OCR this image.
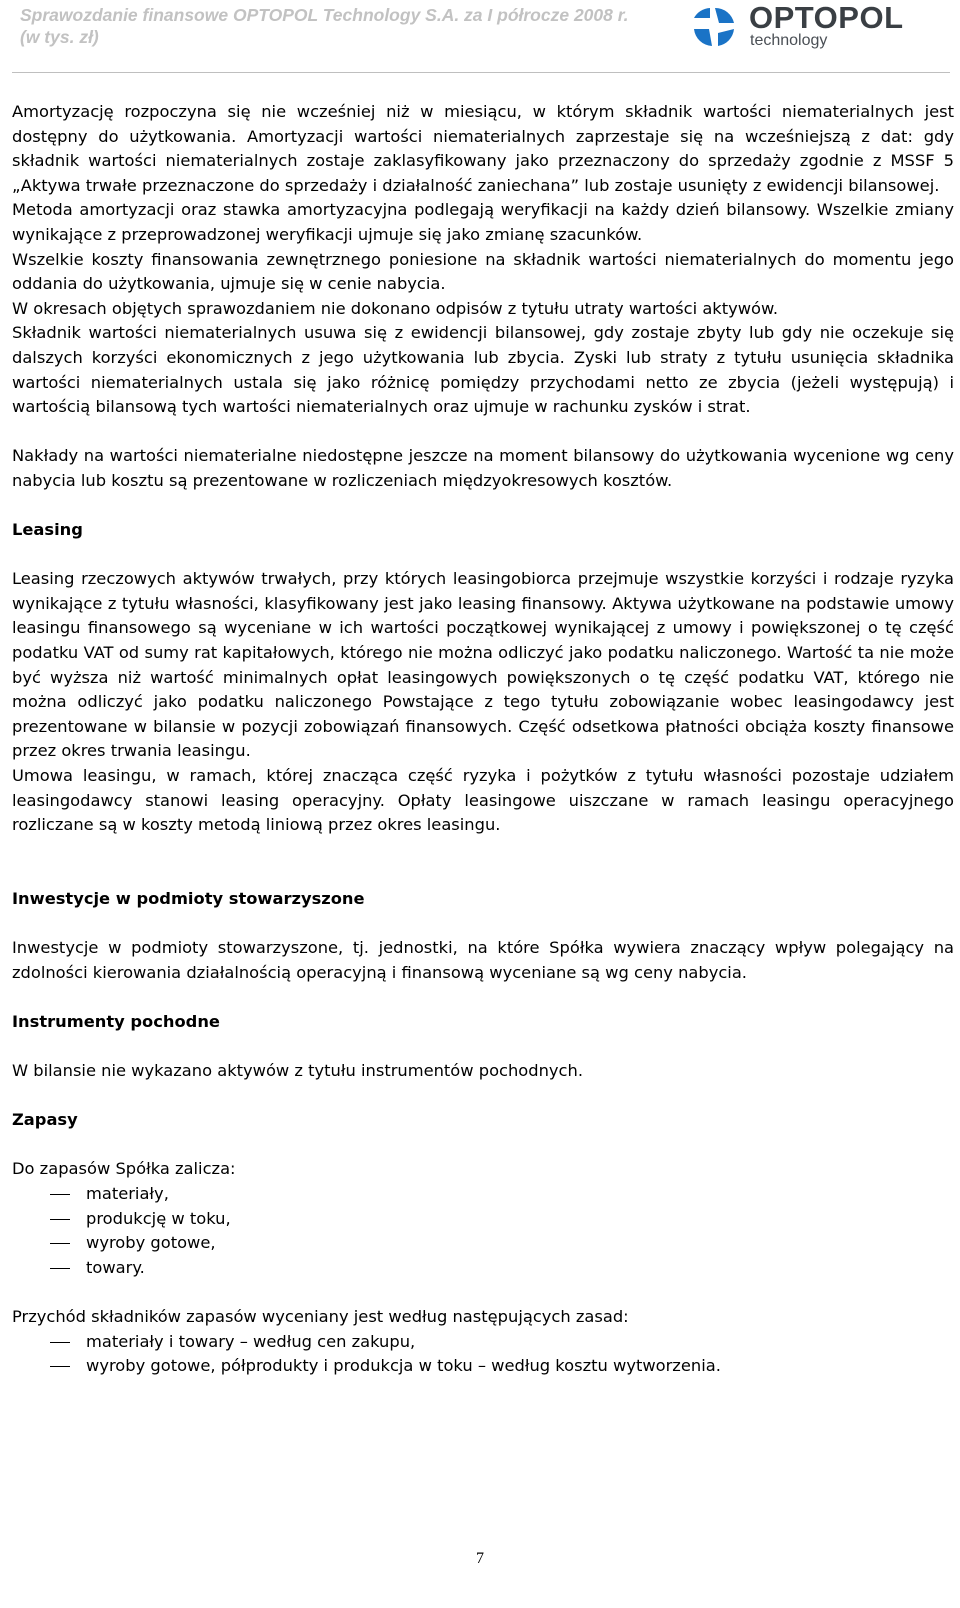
Sprawozdanie finansowe OPTOPOL Technology S.A. za I półrocze 2008 r.
(w tys. zł)
OPTOPOL
technology

Amortyzację rozpoczyna się nie wcześniej niż w miesiącu, w którym składnik wartości niematerialnych jest dostępny do użytkowania. Amortyzacji wartości niematerialnych zaprzestaje się na wcześniejszą z dat: gdy składnik wartości niematerialnych zostaje zaklasyfikowany jako przeznaczony do sprzedaży zgodnie z MSSF 5 „Aktywa trwałe przeznaczone do sprzedaży i działalność zaniechana” lub zostaje usunięty z ewidencji bilansowej.

Metoda amortyzacji oraz stawka amortyzacyjna podlegają weryfikacji na każdy dzień bilansowy. Wszelkie zmiany wynikające z przeprowadzonej weryfikacji ujmuje się jako zmianę szacunków.

Wszelkie koszty finansowania zewnętrznego poniesione na składnik wartości niematerialnych do momentu jego oddania do użytkowania, ujmuje się w cenie nabycia.

W okresach objętych sprawozdaniem nie dokonano odpisów z tytułu utraty wartości aktywów.

Składnik wartości niematerialnych usuwa się z ewidencji bilansowej, gdy zostaje zbyty lub gdy nie oczekuje się dalszych korzyści ekonomicznych z jego użytkowania lub zbycia. Zyski lub straty z tytułu usunięcia składnika wartości niematerialnych ustala się jako różnicę pomiędzy przychodami netto ze zbycia (jeżeli występują) i wartością bilansową tych wartości niematerialnych oraz ujmuje w rachunku zysków i strat.

Nakłady na wartości niematerialne niedostępne jeszcze na moment bilansowy do użytkowania wycenione wg ceny nabycia lub kosztu są prezentowane w rozliczeniach międzyokresowych kosztów.

Leasing

Leasing rzeczowych aktywów trwałych, przy których leasingobiorca przejmuje wszystkie korzyści i rodzaje ryzyka wynikające z tytułu własności, klasyfikowany jest jako leasing finansowy. Aktywa użytkowane na podstawie umowy leasingu finansowego są wyceniane w ich wartości początkowej wynikającej z umowy i powiększonej o tę część podatku VAT od sumy rat kapitałowych, którego nie można odliczyć jako podatku naliczonego. Wartość ta nie może być wyższa niż wartość minimalnych opłat leasingowych powiększonych o tę część podatku VAT, którego nie można odliczyć jako podatku naliczonego Powstające z tego tytułu zobowiązanie wobec leasingodawcy jest prezentowane w bilansie w pozycji zobowiązań finansowych. Część odsetkowa płatności obciąża koszty finansowe przez okres trwania leasingu.

Umowa leasingu, w ramach, której znacząca część ryzyka i pożytków z tytułu własności pozostaje udziałem leasingodawcy stanowi leasing operacyjny. Opłaty leasingowe uiszczane w ramach leasingu operacyjnego rozliczane są w koszty metodą liniową przez okres leasingu.

Inwestycje w podmioty stowarzyszone

Inwestycje w podmioty stowarzyszone, tj. jednostki, na które Spółka wywiera znaczący wpływ polegający na zdolności kierowania działalnością operacyjną i finansową wyceniane są wg ceny nabycia.

Instrumenty pochodne

W bilansie nie wykazano aktywów z tytułu instrumentów pochodnych.

Zapasy

Do zapasów Spółka zalicza:

materiały,
produkcję w toku,
wyroby gotowe,
towary.

Przychód składników zapasów wyceniany jest według następujących zasad:

materiały i towary – według cen zakupu,
wyroby gotowe, półprodukty i produkcja w toku – według kosztu wytworzenia.
7
